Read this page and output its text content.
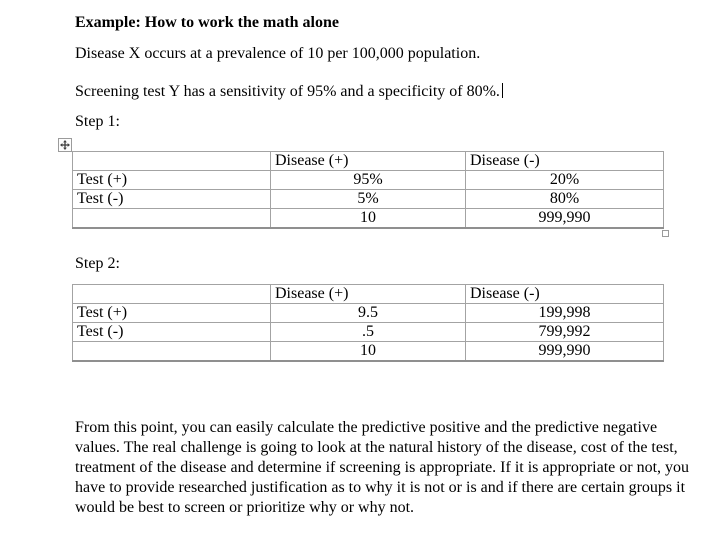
Example: How to work the math alone
Disease X occurs at a prevalence of 10 per 100,000 population.
Screening test Y has a sensitivity of 95% and a specificity of 80%.
Step 1:
	Disease (+)	Disease (-)
Test (+)	95%	20%
Test (-)	5%	80%
	10	999,990
Step 2:
	Disease (+)	Disease (-)
Test (+)	9.5	199,998
Test (-)	.5	799,992
	10	999,990
From this point, you can easily calculate the predictive positive and the predictive negative
values. The real challenge is going to look at the natural history of the disease, cost of the test,
treatment of the disease and determine if screening is appropriate. If it is appropriate or not, you
have to provide researched justification as to why it is not or is and if there are certain groups it
would be best to screen or prioritize why or why not.
